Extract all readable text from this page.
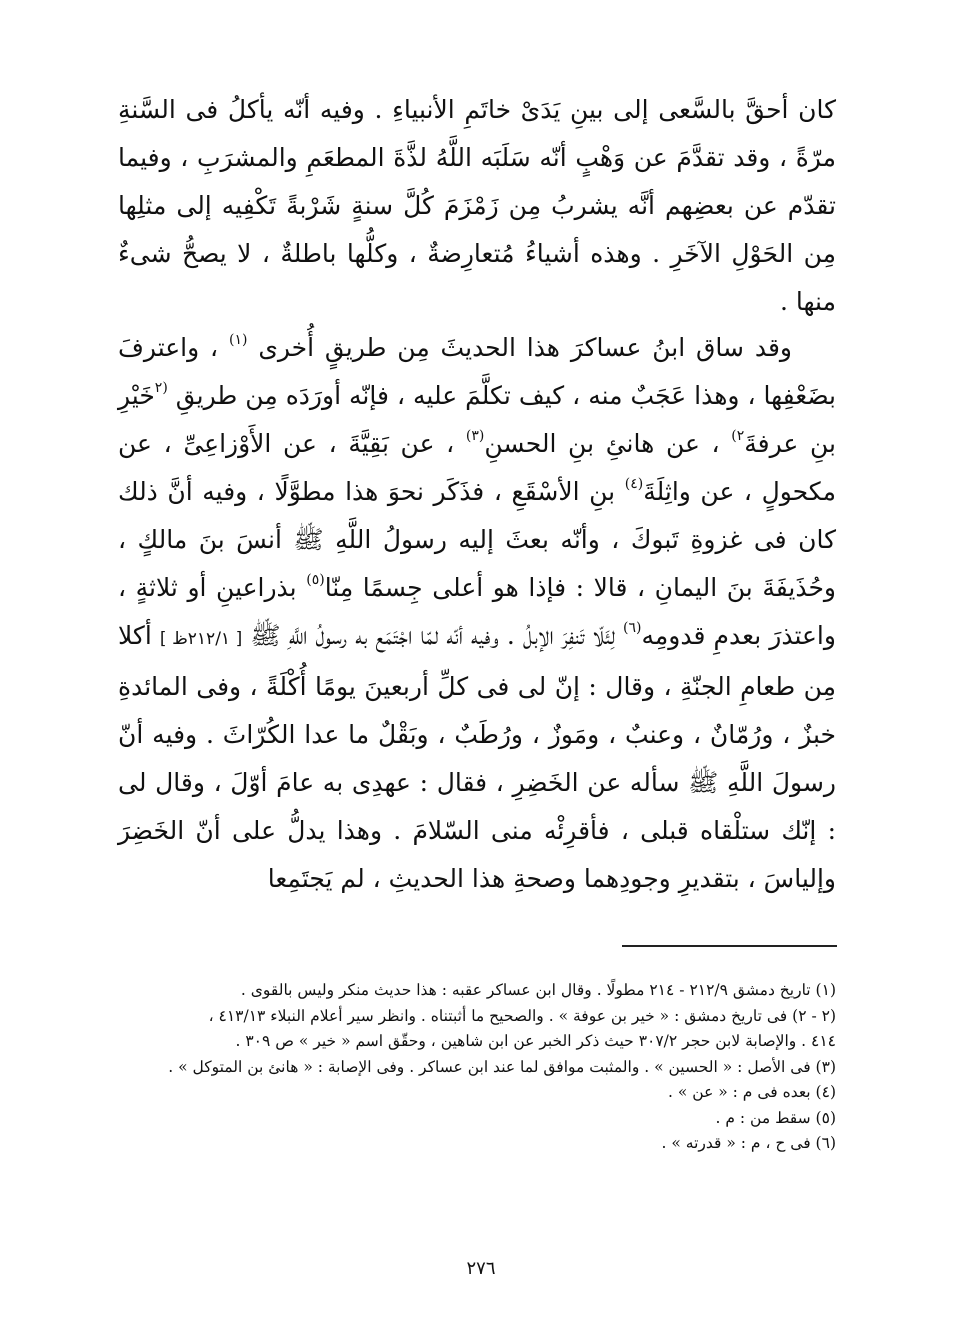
كان أحقَّ بالسَّعى إلى بينِ يَدَىْ خاتَمِ الأنبياءِ . وفيه أنّه يأكلُ فى السَّنةِ مرّةً ، وقد تقدَّمَ عن وَهْبٍ أنّه سَلَبَه اللَّهُ لذَّةَ المطعَمِ والمشرَبِ ، وفيما تقدّم عن بعضِهم أنَّه يشربُ مِن زَمْزَمَ كُلَّ سنةٍ شَرْبةً تَكْفِيه إلى مثلِها مِن الحَوْلِ الآخَرِ . وهذه أشياءُ مُتعارِضةٌ ، وكلُّها باطلةٌ ، لا يصحُّ شىءٌ منها .

وقد ساق ابنُ عساكرَ هذا الحديثَ مِن طريقٍ أُخرى $^{(١)}$ ، واعترفَ بضَعْفِها ، وهذا عَجَبٌ منه ، كيف تكلَّمَ عليه ، فإنّه أورَدَه مِن طريقِ $^{(٢}$خَيْرِ بنِ عرفةَ$^{٢)}$ ، عن هانئِ بنِ الحسنِ$^{(٣)}$ ، عن بَقِيَّةَ ، عن الأَوْزاعِىِّ ، عن مكحولٍ ، عن واثِلَةَ$^{(٤)}$ بنِ الأسْقَعِ ، فذَكَر نحوَ هذا مطوَّلًا ، وفيه أنَّ ذلك كان فى غزوةِ تَبوكَ ، وأنّه بعثَ إليه رسولُ اللَّهِ ﷺ أنسَ بنَ مالكٍ ، وحُذَيفَةَ بنَ اليمانِ ، قالا : فإذا هو أعلى جِسمًا مِنّا$^{(٥)}$ بذراعينِ أو ثلاثةٍ ، واعتذرَ بعدمِ قدومِه$^{(٦)}$ لِئَلّا تَنفِرَ الإبلُ . وفيه أنّه لمّا اجْتَمَع به رسولُ اللَّهِ ﷺ [ ٢١٢/١ظ ] أكلا مِن طعامِ الجنّةِ ، وقال : إنّ لى فى كلِّ أربعينَ يومًا أُكْلَةً ، وفى المائدةِ خبزٌ ، ورُمّانٌ ، وعنبٌ ، ومَوزٌ ، ورُطَبٌ ، وبَقْلٌ ما عدا الكُرّاثَ . وفيه أنّ رسولَ اللَّهِ ﷺ سأله عن الخَضِرِ ، فقال : عهدِى به عامَ أوّلَ ، وقال لى : إنّك ستلْقاه قبلى ، فأقرِئْه منى السّلامَ . وهذا يدلُّ على أنّ الخَضِرَ وإلياسَ ، بتقديرِ وجودِهما وصحةِ هذا الحديثِ ، لم يَجتَمِعا

(١) تاريخ دمشق ٢١٢/٩ - ٢١٤ مطولًا . وقال ابن عساكر عقبه : هذا حديث منكر وليس بالقوى .
(٢ - ٢) فى تاريخ دمشق : « خير بن عوفة » . والصحيح ما أثبتناه . وانظر سير أعلام النبلاء ٤١٣/١٣ ،
٤١٤ . والإصابة لابن حجر ٣٠٧/٢ حيث ذكر الخبر عن ابن شاهين ، وحقّق اسم « خير » ص ٣٠٩ .
(٣) فى الأصل : « الحسين » . والمثبت موافق لما عند ابن عساكر . وفى الإصابة : « هانئ بن المتوكل » .
(٤) بعده فى م : « عن » .
(٥) سقط من : م .
(٦) فى ح ، م : « قدرته » .
٢٧٦
